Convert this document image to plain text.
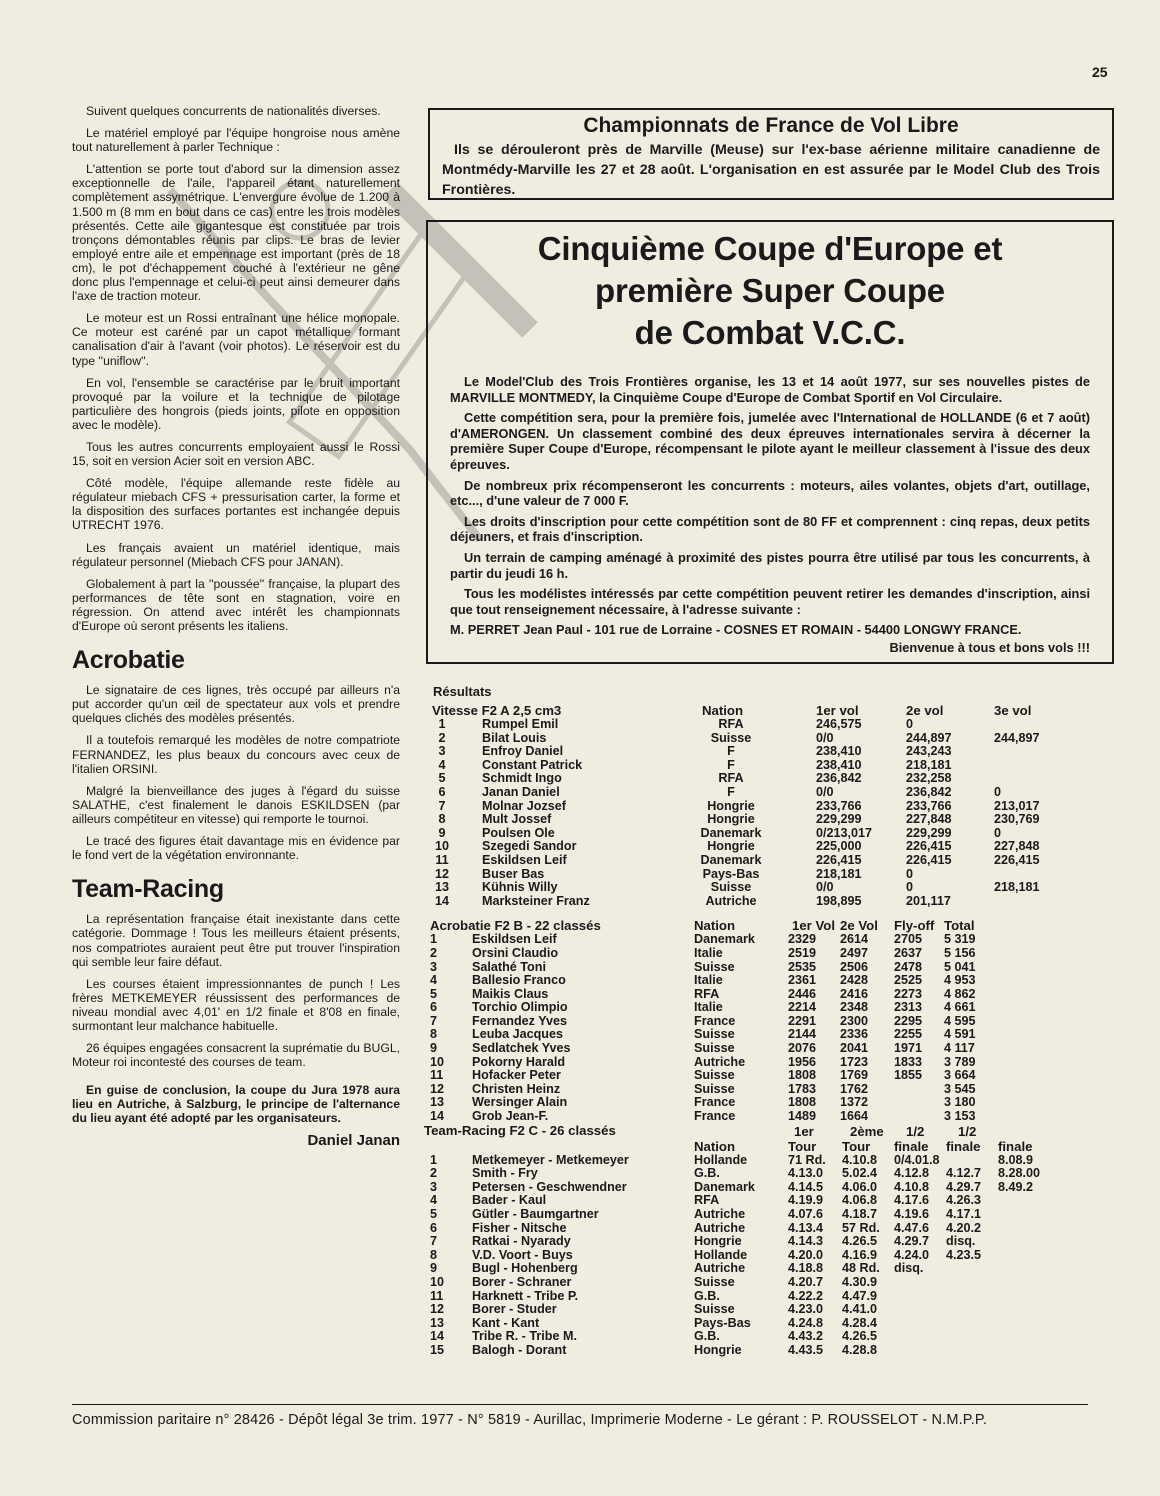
25

Suivent quelques concurrents de nationalités diverses.

Le matériel employé par l'équipe hongroise nous amène tout naturellement à parler Technique :

L'attention se porte tout d'abord sur la dimension assez exceptionnelle de l'aile, l'appareil étant naturellement complètement assymétrique. L'envergure évolue de 1.200 à 1.500 m (8 mm en bout dans ce cas) entre les trois modèles présentés. Cette aile gigantesque est constituée par trois tronçons démontables réunis par clips. Le bras de levier employé entre aile et empennage est important (près de 18 cm), le pot d'échappement couché à l'extérieur ne gêne donc plus l'empennage et celui-ci peut ainsi demeurer dans l'axe de traction moteur.

Le moteur est un Rossi entraînant une hélice monopale. Ce moteur est caréné par un capot métallique formant canalisation d'air à l'avant (voir photos). Le réservoir est du type ''uniflow''.

En vol, l'ensemble se caractérise par le bruit important provoqué par la voilure et la technique de pilotage particulière des hongrois (pieds joints, pilote en opposition avec le modèle).

Tous les autres concurrents employaient aussi le Rossi 15, soit en version Acier soit en version ABC.

Côté modèle, l'équipe allemande reste fidèle au régulateur miebach CFS + pressurisation carter, la forme et la disposition des surfaces portantes est inchangée depuis UTRECHT 1976.

Les français avaient un matériel identique, mais régulateur personnel (Miebach CFS pour JANAN).

Globalement à part la ''poussée'' française, la plupart des performances de tête sont en stagnation, voire en régression. On attend avec intérêt les championnats d'Europe où seront présents les italiens.

Acrobatie

Le signataire de ces lignes, très occupé par ailleurs n'a put accorder qu'un œil de spectateur aux vols et prendre quelques clichés des modèles présentés.

Il a toutefois remarqué les modèles de notre compatriote FERNANDEZ, les plus beaux du concours avec ceux de l'italien ORSINI.

Malgré la bienveillance des juges à l'égard du suisse SALATHE, c'est finalement le danois ESKILDSEN (par ailleurs compétiteur en vitesse) qui remporte le tournoi.

Le tracé des figures était davantage mis en évidence par le fond vert de la végétation environnante.

Team-Racing

La représentation française était inexistante dans cette catégorie. Dommage ! Tous les meilleurs étaient présents, nos compatriotes auraient peut être put trouver l'inspiration qui semble leur faire défaut.

Les courses étaient impressionnantes de punch ! Les frères METKEMEYER réussissent des performances de niveau mondial avec 4,01' en 1/2 finale et 8'08 en finale, surmontant leur malchance habituelle.

26 équipes engagées consacrent la suprématie du BUGL, Moteur roi incontesté des courses de team.

En guise de conclusion, la coupe du Jura 1978 aura lieu en Autriche, à Salzburg, le principe de l'alternance du lieu ayant été adopté par les organisateurs.

Daniel Janan
Championnats de France de Vol Libre
Ils se dérouleront près de Marville (Meuse) sur l'ex-base aérienne militaire canadienne de Montmédy-Marville les 27 et 28 août. L'organisation en est assurée par le Model Club des Trois Frontières.
Cinquième Coupe d'Europe et
première Super Coupe
de Combat V.C.C.

Le Model'Club des Trois Frontières organise, les 13 et 14 août 1977, sur ses nouvelles pistes de MARVILLE MONTMEDY, la Cinquième Coupe d'Europe de Combat Sportif en Vol Circulaire.

Cette compétition sera, pour la première fois, jumelée avec l'International de HOLLANDE (6 et 7 août) d'AMERONGEN. Un classement combiné des deux épreuves internationales servira à décerner la première Super Coupe d'Europe, récompensant le pilote ayant le meilleur classement à l'issue des deux épreuves.

De nombreux prix récompenseront les concurrents : moteurs, ailes volantes, objets d'art, outillage, etc..., d'une valeur de 7 000 F.

Les droits d'inscription pour cette compétition sont de 80 FF et comprennent : cinq repas, deux petits déjeuners, et frais d'inscription.

Un terrain de camping aménagé à proximité des pistes pourra être utilisé par tous les concurrents, à partir du jeudi 16 h.

Tous les modélistes intéressés par cette compétition peuvent retirer les demandes d'inscription, ainsi que tout renseignement nécessaire, à l'adresse suivante :

M. PERRET Jean Paul - 101 rue de Lorraine - COSNES ET ROMAIN - 54400 LONGWY FRANCE.

Bienvenue à tous et bons vols !!!

Résultats
Vitesse F2 A 2,5 cm3		Nation	1er vol	2e vol	3e vol
1	Rumpel Emil	RFA	246,575	0	
2	Bilat Louis	Suisse	0/0	244,897	244,897
3	Enfroy Daniel	F	238,410	243,243	
4	Constant Patrick	F	238,410	218,181	
5	Schmidt Ingo	RFA	236,842	232,258	
6	Janan Daniel	F	0/0	236,842	0
7	Molnar Jozsef	Hongrie	233,766	233,766	213,017
8	Mult Jossef	Hongrie	229,299	227,848	230,769
9	Poulsen Ole	Danemark	0/213,017	229,299	0
10	Szegedi Sandor	Hongrie	225,000	226,415	227,848
11	Eskildsen Leif	Danemark	226,415	226,415	226,415
12	Buser Bas	Pays-Bas	218,181	0	
13	Kühnis Willy	Suisse	0/0	0	218,181
14	Marksteiner Franz	Autriche	198,895	201,117	
Acrobatie F2 B - 22 classés		Nation	1er Vol	2e Vol	Fly-off	Total
1	Eskildsen Leif	Danemark	2329	2614	2705	5 319
2	Orsini Claudio	Italie	2519	2497	2637	5 156
3	Salathé Toni	Suisse	2535	2506	2478	5 041
4	Ballesio Franco	Italie	2361	2428	2525	4 953
5	Maikis Claus	RFA	2446	2416	2273	4 862
6	Torchio Olimpio	Italie	2214	2348	2313	4 661
7	Fernandez Yves	France	2291	2300	2295	4 595
8	Leuba Jacques	Suisse	2144	2336	2255	4 591
9	Sedlatchek Yves	Suisse	2076	2041	1971	4 117
10	Pokorny Harald	Autriche	1956	1723	1833	3 789
11	Hofacker Peter	Suisse	1808	1769	1855	3 664
12	Christen Heinz	Suisse	1783	1762		3 545
13	Wersinger Alain	France	1808	1372		3 180
14	Grob Jean-F.	France	1489	1664		3 153
			1er	2ème	1/2	1/2	
Team-Racing F2 C - 26 classés		Nation	Tour	Tour	finale	finale	finale
1	Metkemeyer - Metkemeyer	Hollande	71 Rd.	4.10.8	0/4.01.8		8.08.9
2	Smith - Fry	G.B.	4.13.0	5.02.4	4.12.8	4.12.7	8.28.00
3	Petersen - Geschwendner	Danemark	4.14.5	4.06.0	4.10.8	4.29.7	8.49.2
4	Bader - Kaul	RFA	4.19.9	4.06.8	4.17.6	4.26.3	
5	Gütler - Baumgartner	Autriche	4.07.6	4.18.7	4.19.6	4.17.1	
6	Fisher - Nitsche	Autriche	4.13.4	57 Rd.	4.47.6	4.20.2	
7	Ratkai - Nyarady	Hongrie	4.14.3	4.26.5	4.29.7	disq.	
8	V.D. Voort - Buys	Hollande	4.20.0	4.16.9	4.24.0	4.23.5	
9	Bugl - Hohenberg	Autriche	4.18.8	48 Rd.	disq.		
10	Borer - Schraner	Suisse	4.20.7	4.30.9			
11	Harknett - Tribe P.	G.B.	4.22.2	4.47.9			
12	Borer - Studer	Suisse	4.23.0	4.41.0			
13	Kant - Kant	Pays-Bas	4.24.8	4.28.4			
14	Tribe R. - Tribe M.	G.B.	4.43.2	4.26.5			
15	Balogh - Dorant	Hongrie	4.43.5	4.28.8			
Commission paritaire n° 28426 - Dépôt légal 3e trim. 1977 - N° 5819 - Aurillac, Imprimerie Moderne - Le gérant : P. ROUSSELOT - N.M.P.P.
